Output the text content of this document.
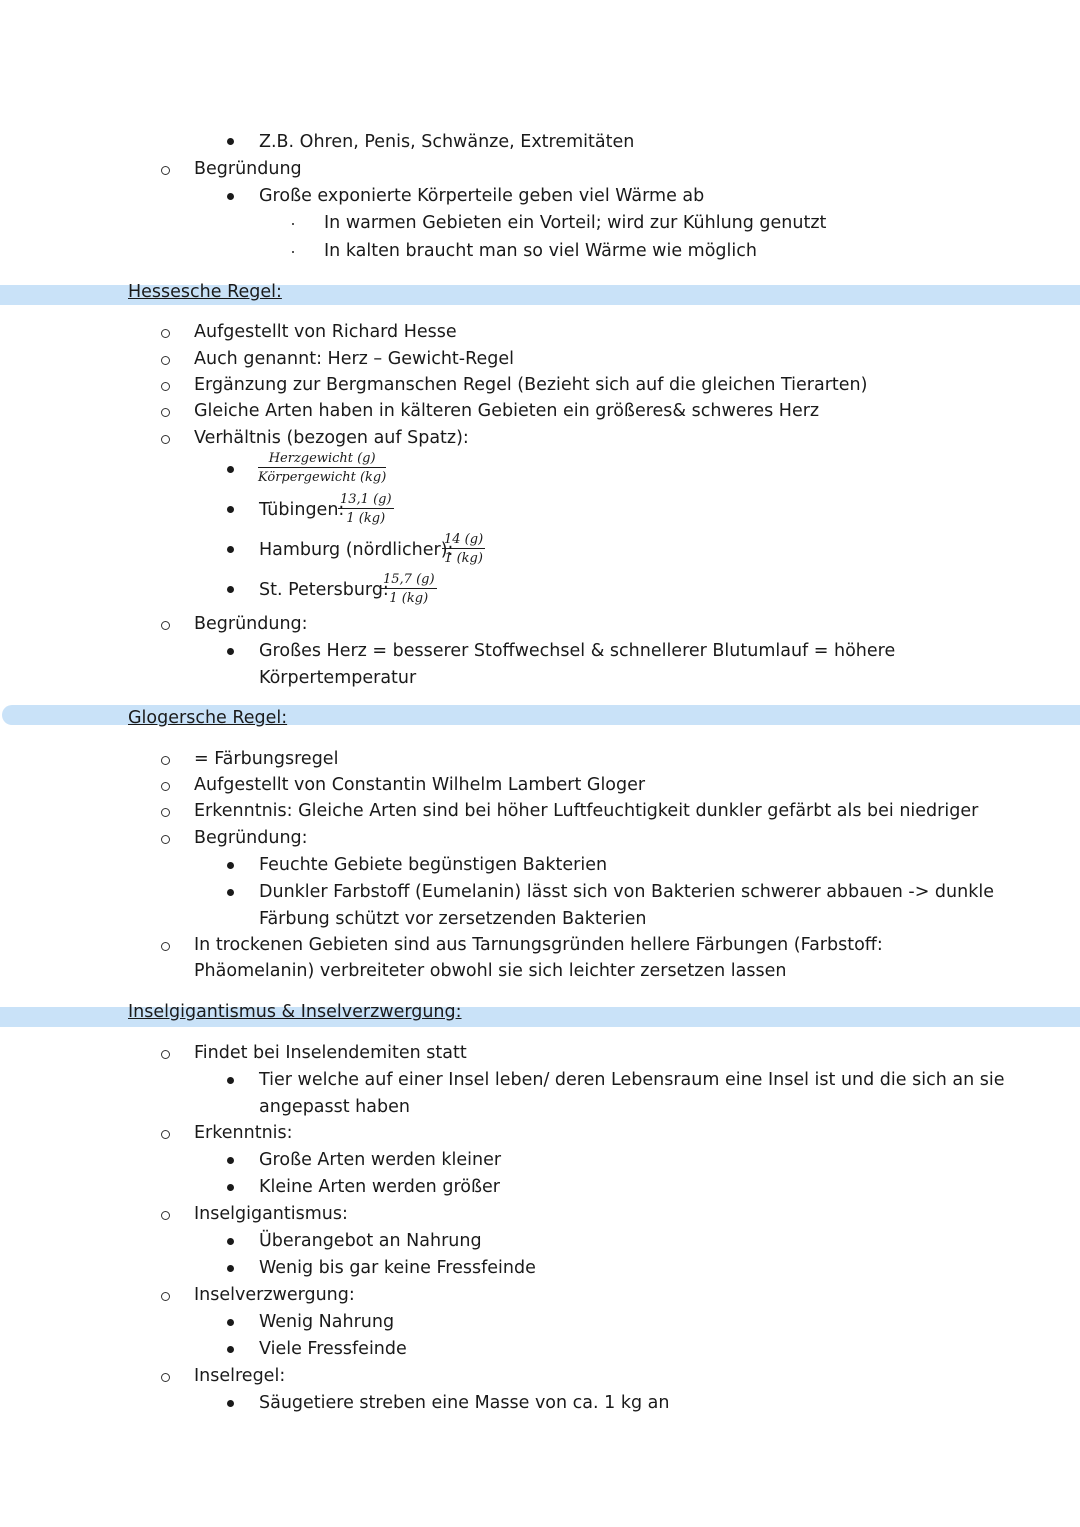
Z.B. Ohren, Penis, Schwänze, Extremitäten
Begründung
Große exponierte Körperteile geben viel Wärme ab
In warmen Gebieten ein Vorteil; wird zur Kühlung genutzt
In kalten braucht man so viel Wärme wie möglich
Hessesche Regel:
Aufgestellt von Richard Hesse
Auch genannt: Herz – Gewicht-Regel
Ergänzung zur Bergmanschen Regel (Bezieht sich auf die gleichen Tierarten)
Gleiche Arten haben in kälteren Gebieten ein größeres& schweres Herz
Verhältnis (bezogen auf Spatz):
Herzgewicht (g)
Körpergewicht (kg)
Tübingen:
$\frac{13,1 (g)}{1 (kg)}$
Hamburg (nördlicher):
$\frac{14 (g)}{1 (kg)}$
St. Petersburg:
$\frac{15,7 (g)}{1 (kg)}$
Begründung:
Großes Herz = besserer Stoffwechsel & schnellerer Blutumlauf = höhere
Körpertemperatur
Glogersche Regel:
= Färbungsregel
Aufgestellt von Constantin Wilhelm Lambert Gloger
Erkenntnis: Gleiche Arten sind bei höher Luftfeuchtigkeit dunkler gefärbt als bei niedriger
Begründung:
Feuchte Gebiete begünstigen Bakterien
Dunkler Farbstoff (Eumelanin) lässt sich von Bakterien schwerer abbauen -> dunkle
Färbung schützt vor zersetzenden Bakterien
In trockenen Gebieten sind aus Tarnungsgründen hellere Färbungen (Farbstoff:
Phäomelanin) verbreiteter obwohl sie sich leichter zersetzen lassen
Inselgigantismus & Inselverzwergung:
Findet bei Inselendemiten statt
Tier welche auf einer Insel leben/ deren Lebensraum eine Insel ist und die sich an sie
angepasst haben
Erkenntnis:
Große Arten werden kleiner
Kleine Arten werden größer
Inselgigantismus:
Überangebot an Nahrung
Wenig bis gar keine Fressfeinde
Inselverzwergung:
Wenig Nahrung
Viele Fressfeinde
Inselregel:
Säugetiere streben eine Masse von ca. 1 kg an
